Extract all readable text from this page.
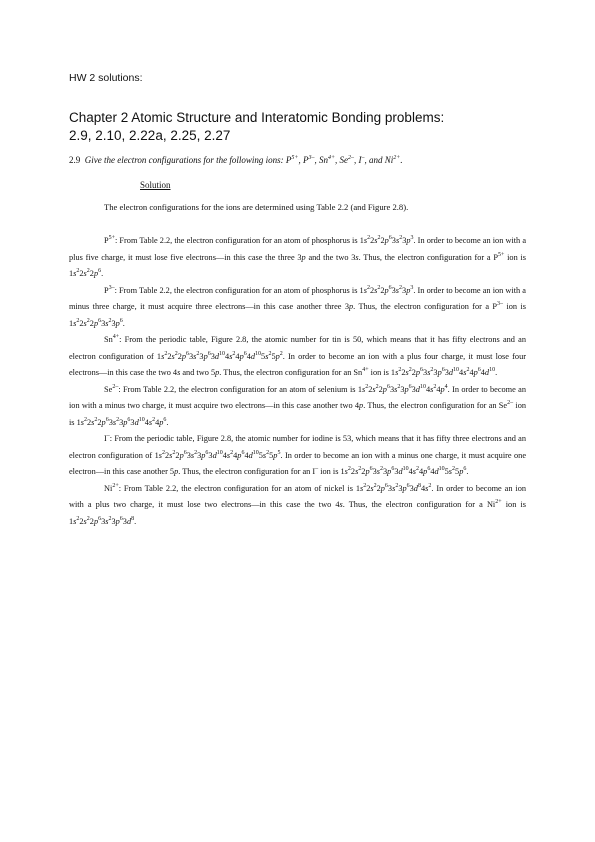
HW 2 solutions:
Chapter 2 Atomic Structure and Interatomic Bonding problems:
2.9, 2.10, 2.22a, 2.25, 2.27
2.9 Give the electron configurations for the following ions: $P^{5+}$, $P^{3-}$, $Sn^{4+}$, $Se^{2-}$, I–, and $Ni^{2+}$.
Solution
The electron configurations for the ions are determined using Table 2.2 (and Figure 2.8).

$P^{5+}$: From Table 2.2, the electron configuration for an atom of phosphorus is $1s^22s^22p^63s^23p^3$. In order to become an ion with a plus five charge, it must lose five electrons—in this case the three 3p and the two 3s. Thus, the electron configuration for a $P^{5+}$ ion is $1s^22s^22p^6$.

$P^{3-}$: From Table 2.2, the electron configuration for an atom of phosphorus is $1s^22s^22p^63s^23p^3$. In order to become an ion with a minus three charge, it must acquire three electrons—in this case another three 3p. Thus, the electron configuration for a $P^{3-}$ ion is $1s^22s^22p^63s^23p^6$.

$Sn^{4+}$: From the periodic table, Figure 2.8, the atomic number for tin is 50, which means that it has fifty electrons and an electron configuration of $1s^22s^22p^63s^23p^63d^{10}4s^24p^64d^{10}5s^25p^2$. In order to become an ion with a plus four charge, it must lose four electrons—in this case the two 4s and two 5p. Thus, the electron configuration for an $Sn^{4+}$ ion is $1s^22s^22p^63s^23p^63d^{10}4s^24p^64d^{10}$.

$Se^{2-}$: From Table 2.2, the electron configuration for an atom of selenium is $1s^22s^22p^63s^23p^63d^{10}4s^24p^4$. In order to become an ion with a minus two charge, it must acquire two electrons—in this case another two 4p. Thus, the electron configuration for an $Se^{2-}$ ion is $1s^22s^22p^63s^23p^63d^{10}4s^24p^6$.

I–: From the periodic table, Figure 2.8, the atomic number for iodine is 53, which means that it has fifty three electrons and an electron configuration of $1s^22s^22p^63s^23p^63d^{10}4s^24p^64d^{10}5s^25p^5$. In order to become an ion with a minus one charge, it must acquire one electron—in this case another 5p. Thus, the electron configuration for an I– ion is $1s^22s^22p^63s^23p^63d^{10}4s^24p^64d^{10}5s^25p^6$.

$Ni^{2+}$: From Table 2.2, the electron configuration for an atom of nickel is $1s^22s^22p^63s^23p^63d^84s^2$. In order to become an ion with a plus two charge, it must lose two electrons—in this case the two 4s. Thus, the electron configuration for a $Ni^{2+}$ ion is $1s^22s^22p^63s^23p^63d^8$.
